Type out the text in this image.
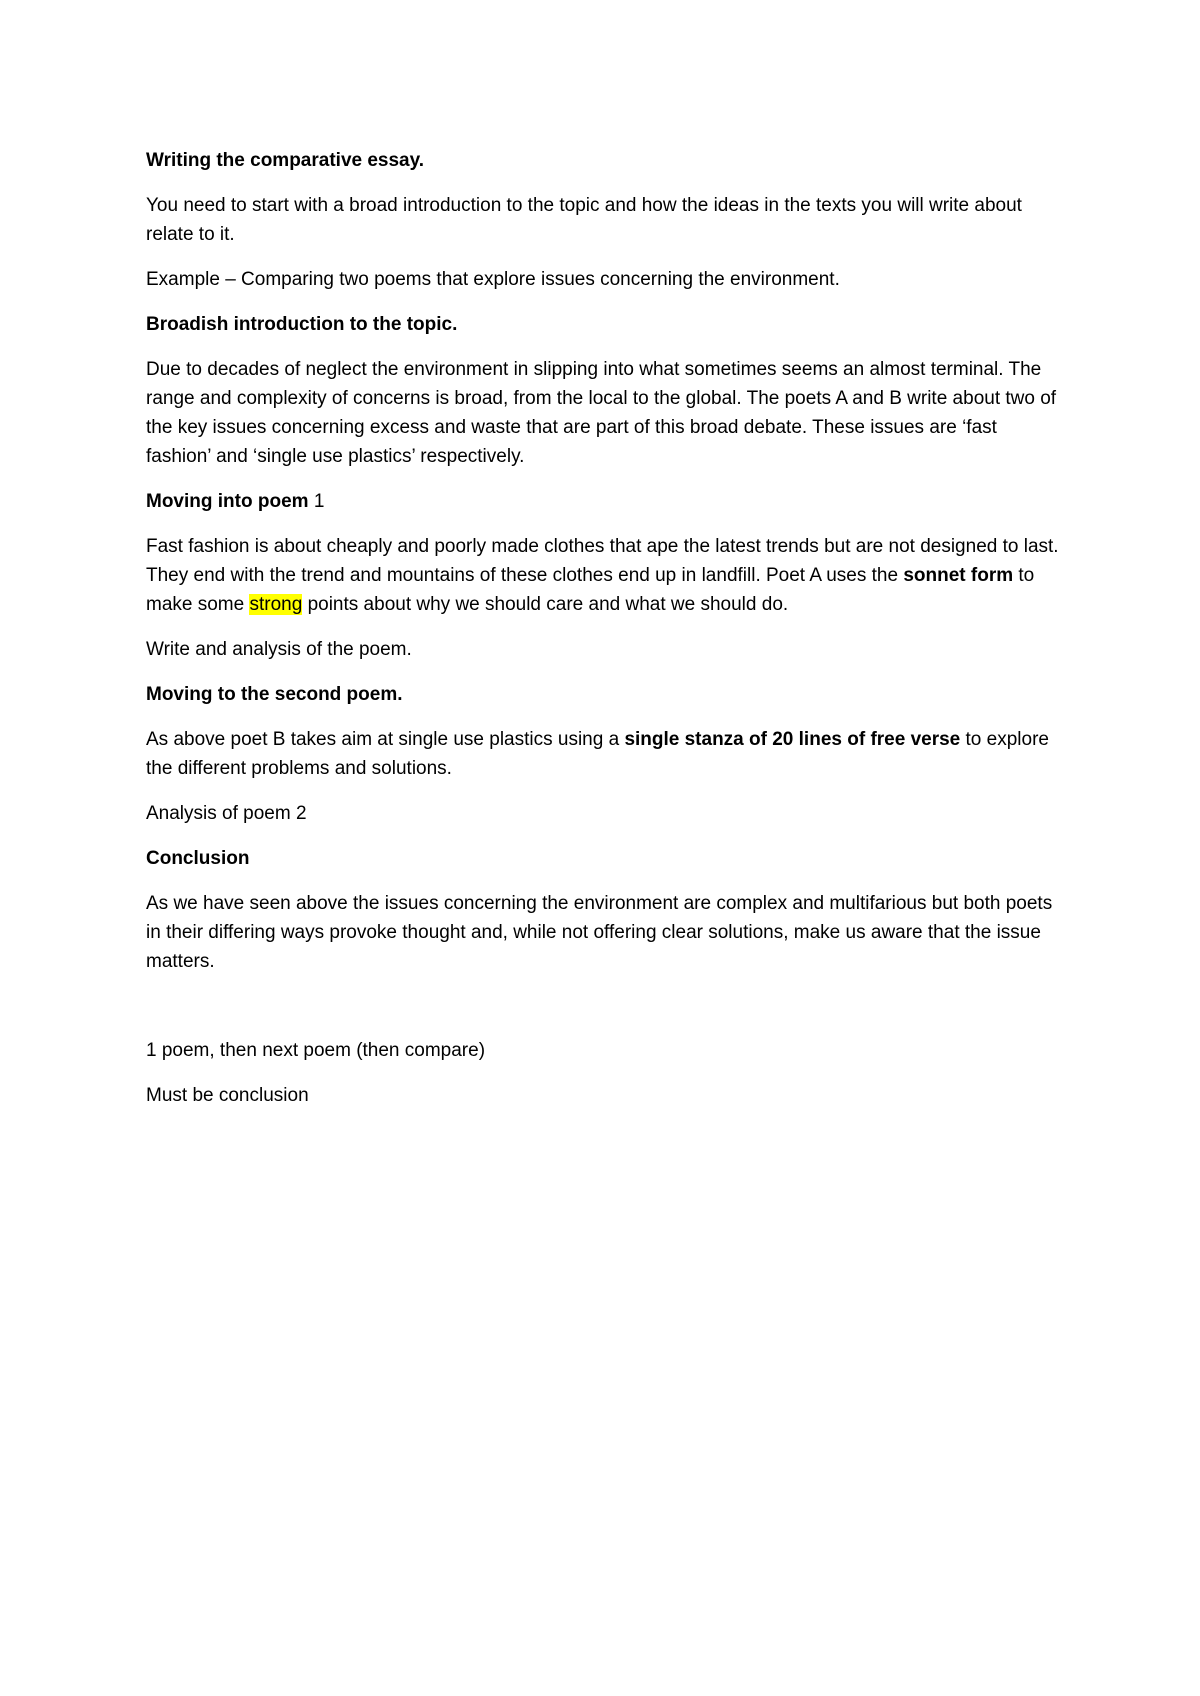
Writing the comparative essay.

You need to start with a broad introduction to the topic and how the ideas in the texts you will write about relate to it.

Example – Comparing two poems that explore issues concerning the environment.

Broadish introduction to the topic.

Due to decades of neglect the environment in slipping into what sometimes seems an almost terminal. The range and complexity of concerns is broad, from the local to the global. The poets A and B write about two of the key issues concerning excess and waste that are part of this broad debate. These issues are ‘fast fashion’ and ‘single use plastics’ respectively.

Moving into poem 1

Fast fashion is about cheaply and poorly made clothes that ape the latest trends but are not designed to last. They end with the trend and mountains of these clothes end up in landfill. Poet A uses the sonnet form to make some strong points about why we should care and what we should do.

Write and analysis of the poem.

Moving to the second poem.

As above poet B takes aim at single use plastics using a single stanza of 20 lines of free verse to explore the different problems and solutions.

Analysis of poem 2

Conclusion

As we have seen above the issues concerning the environment are complex and multifarious but both poets in their differing ways provoke thought and, while not offering clear solutions, make us aware that the issue matters.

1 poem, then next poem (then compare)

Must be conclusion
